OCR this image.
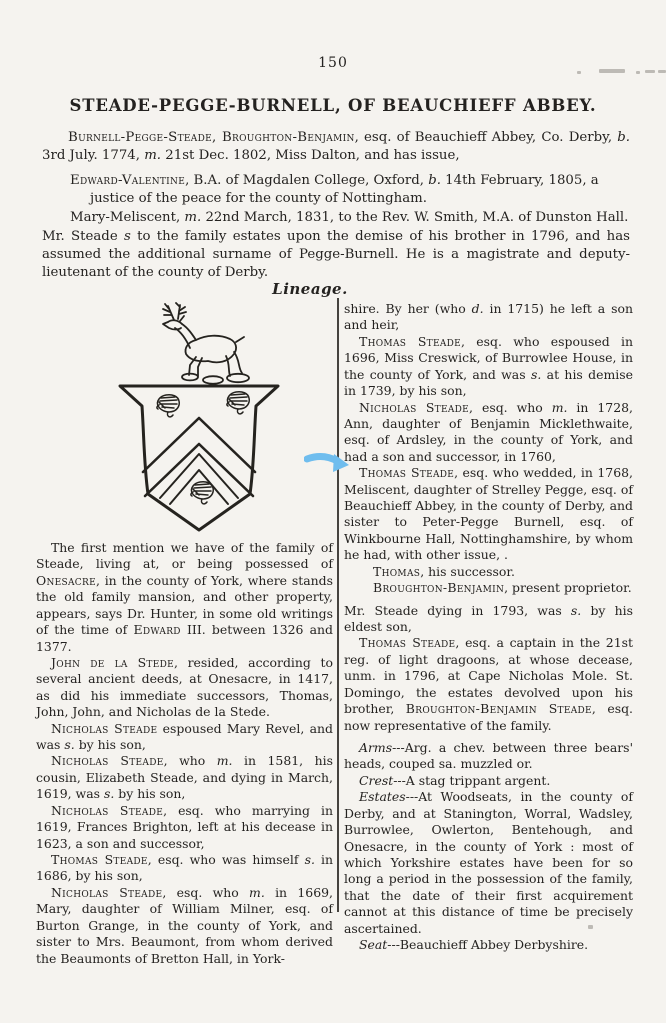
150
STEADE-PEGGE-BURNELL, OF BEAUCHIEFF ABBEY.

Burnell-Pegge-Steade, Broughton-Benjamin, esq. of Beauchieff Abbey, Co. Derby, b. 3rd July. 1774, m. 21st Dec. 1802, Miss Dalton, and has issue,

Edward-Valentine, B.A. of Magdalen College, Oxford, b. 14th February, 1805, a justice of the peace for the county of Nottingham.

Mary-Meliscent, m. 22nd March, 1831, to the Rev. W. Smith, M.A. of Dunston Hall.

Mr. Steade s to the family estates upon the demise of his brother in 1796, and has assumed the additional surname of Pegge-Burnell. He is a magistrate and deputy-lieutenant of the county of Derby.

Lineage.

The first mention we have of the family of Steade, living at, or being possessed of Onesacre, in the county of York, where stands the old family mansion, and other property, appears, says Dr. Hunter, in some old writings of the time of Edward III. between 1326 and 1377.

John de la Stede, resided, according to several ancient deeds, at Onesacre, in 1417, as did his immediate successors, Thomas, John, John, and Nicholas de la Stede.

Nicholas Steade espoused Mary Revel, and was s. by his son,

Nicholas Steade, who m. in 1581, his cousin, Elizabeth Steade, and dying in March, 1619, was s. by his son,

Nicholas Steade, esq. who marrying in 1619, Frances Brighton, left at his decease in 1623, a son and successor,

Thomas Steade, esq. who was himself s. in 1686, by his son,

Nicholas Steade, esq. who m. in 1669, Mary, daughter of William Milner, esq. of Burton Grange, in the county of York, and sister to Mrs. Beaumont, from whom derived the Beaumonts of Bretton Hall, in York-

shire. By her (who d. in 1715) he left a son and heir,

Thomas Steade, esq. who espoused in 1696, Miss Creswick, of Burrowlee House, in the county of York, and was s. at his demise in 1739, by his son,

Nicholas Steade, esq. who m. in 1728, Ann, daughter of Benjamin Micklethwaite, esq. of Ardsley, in the county of York, and had a son and successor, in 1760,

Thomas Steade, esq. who wedded, in 1768, Meliscent, daughter of Strelley Pegge, esq. of Beauchieff Abbey, in the county of Derby, and sister to Peter-Pegge Burnell, esq. of Winkbourne Hall, Nottinghamshire, by whom he had, with other issue, .

Thomas, his successor.

Broughton-Benjamin, present proprietor.

Mr. Steade dying in 1793, was s. by his eldest son,

Thomas Steade, esq. a captain in the 21st reg. of light dragoons, at whose decease, unm. in 1796, at Cape Nicholas Mole. St. Domingo, the estates devolved upon his brother, Broughton-Benjamin Steade, esq. now representative of the family.

Arms---Arg. a chev. between three bears' heads, couped sa. muzzled or.

Crest---A stag trippant argent.

Estates---At Woodseats, in the county of Derby, and at Stanington, Worral, Wadsley, Burrowlee, Owlerton, Bentehough, and Onesacre, in the county of York : most of which Yorkshire estates have been for so long a period in the possession of the family, that the date of their first acquirement cannot at this distance of time be precisely ascertained.

Seat---Beauchieff Abbey Derbyshire.
